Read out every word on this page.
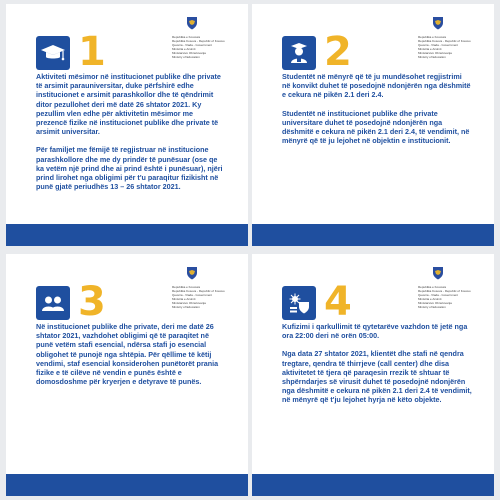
1	Republika e Kosovës
Republika Kosova - Republic of Kosovo
Qeveria - Vlada - Government
Ministria e Arsimit
Ministarstvo Obrazovanja
Ministry of Education

Aktiviteti mësimor në institucionet publike dhe private të arsimit parauniversitar, duke përfshirë edhe institucionet e arsimit parashkollor dhe të qëndrimit ditor pezullohet deri më datë 26 shtator 2021. Ky pezullim vlen edhe për aktivitetin mësimor me prezencë fizike në institucionet publike dhe private të arsimit universitar.

Për familjet me fëmijë të regjistruar në institucione parashkollore dhe me dy prindër të punësuar (ose qe ka vetëm një prind dhe ai prind është i punësuar), njëri prind lirohet nga obligimi për t'u paraqitur fizikisht në punë gjatë periudhës 13 – 26 shtator 2021.

2	Republika e Kosovës
Republika Kosova - Republic of Kosovo
Qeveria - Vlada - Government
Ministria e Arsimit
Ministarstvo Obrazovanja
Ministry of Education

Studentët në mënyrë që të ju mundësohet regjistrimi në konvikt duhet të posedojnë ndonjërën nga dëshmitë e cekura në pikën 2.1 deri 2.4.

Studentët në institucionet publike dhe private universitare duhet të posedojnë ndonjërën nga dëshmitë e cekura në pikën 2.1 deri 2.4, të vendimit, në mënyrë që të ju lejohet në objektin e institucionit.

3	Republika e Kosovës
Republika Kosova - Republic of Kosovo
Qeveria - Vlada - Government
Ministria e Arsimit
Ministarstvo Obrazovanja
Ministry of Education

Në institucionet publike dhe private, deri me datë 26 shtator 2021, vazhdohet obligimi që të paraqitet në punë vetëm stafi esencial, ndërsa stafi jo esencial obligohet të punojë nga shtëpia. Për qëllime të këtij vendimi, staf esencial konsiderohen punëtorët prania fizike e të cilëve në vendin e punës është e domosdoshme për kryerjen e detyrave të punës.

4	Republika e Kosovës
Republika Kosova - Republic of Kosovo
Qeveria - Vlada - Government
Ministria e Arsimit
Ministarstvo Obrazovanja
Ministry of Education

Kufizimi i qarkullimit të qytetarëve vazhdon të jetë nga ora 22:00 deri në orën 05:00.

Nga data 27 shtator 2021, klientët dhe stafi në qendra tregtare, qendra të thirrjeve (call center) dhe disa aktivitetet të tjera që paraqesin rrezik të shtuar të shpërndarjes së virusit duhet të posedojnë ndonjërën nga dëshmitë e cekura në pikën 2.1 deri 2.4 të vendimit, në mënyrë që t'ju lejohet hyrja në këto objekte.
